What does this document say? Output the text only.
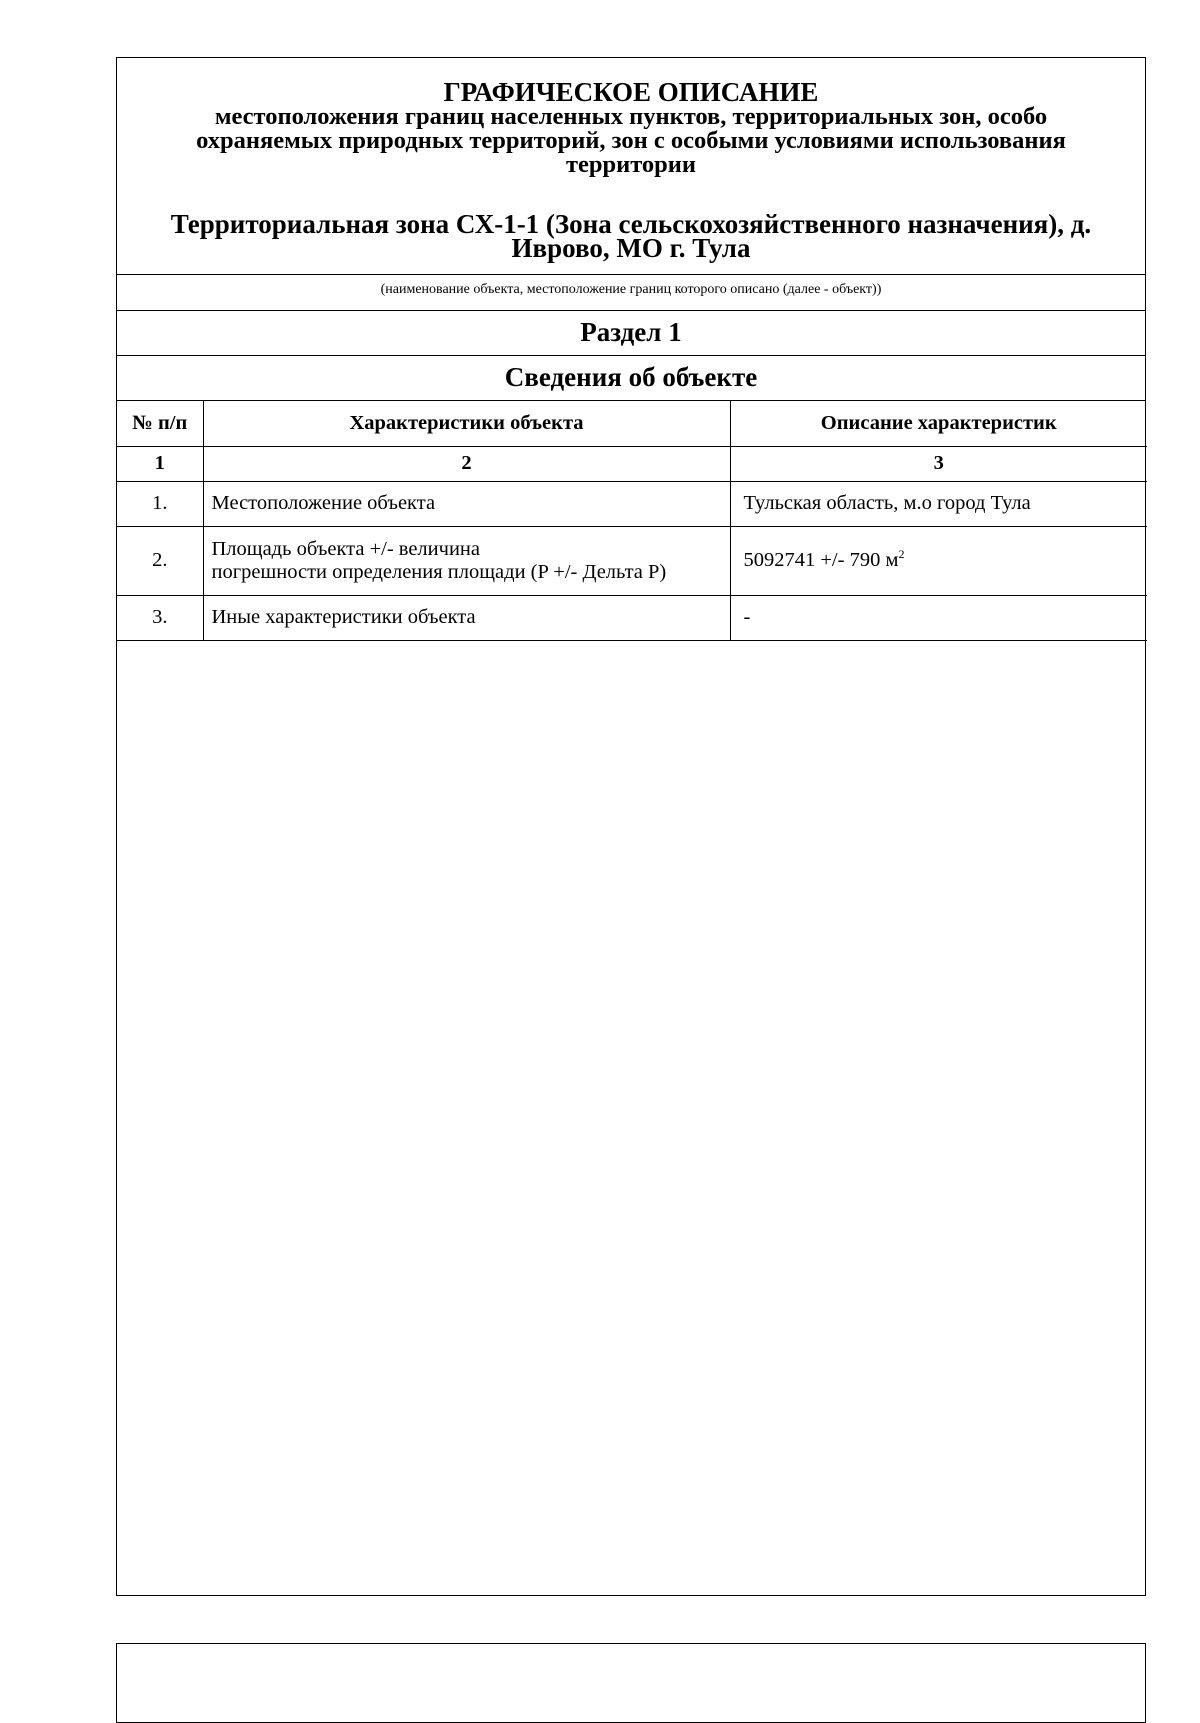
ГРАФИЧЕСКОЕ ОПИСАНИЕ
местоположения границ населенных пунктов, территориальных зон, особо
охраняемых природных территорий, зон с особыми условиями использования
территории
Территориальная зона СХ-1-1 (Зона сельскохозяйственного назначения), д.
Иврово, МО г. Тула
(наименование объекта, местоположение границ которого описано (далее - объект))
Раздел 1
Сведения об объекте
№ п/п	Характеристики объекта	Описание характеристик
1	2	3
1.	Местоположение объекта	Тульская область, м.о город Тула
2.	Площадь объекта +/- величина
погрешности определения площади (P +/- Дельта P)	5092741 +/- 790 $м^2$
3.	Иные характеристики объекта	-
